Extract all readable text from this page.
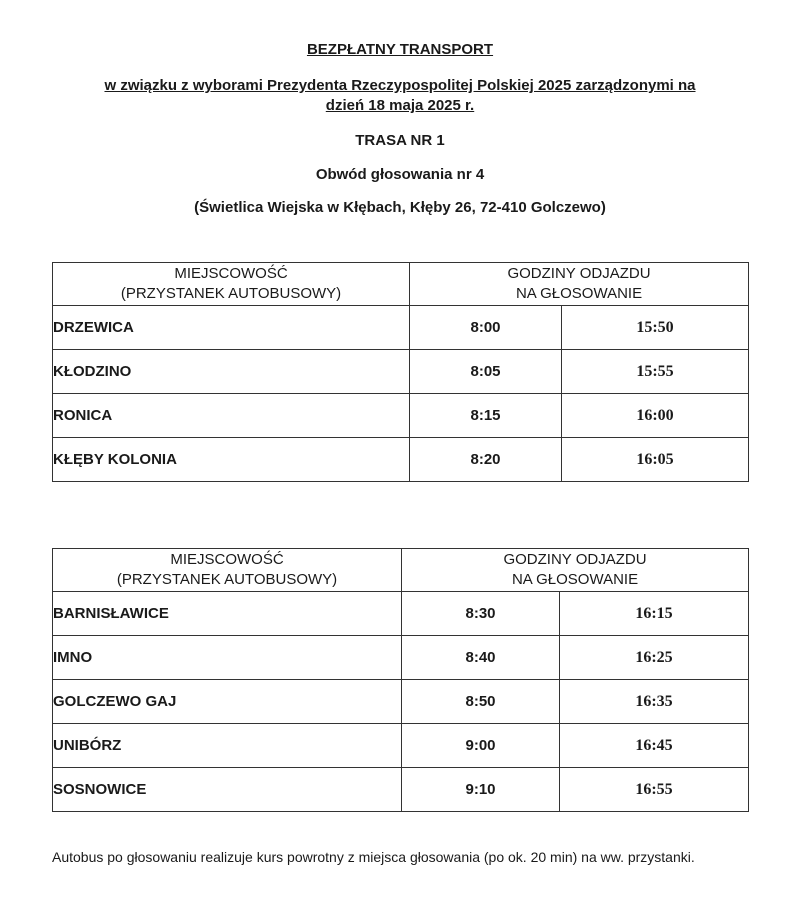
BEZPŁATNY TRANSPORT
w związku z wyborami Prezydenta Rzeczypospolitej Polskiej 2025 zarządzonymi na
dzień 18 maja 2025 r.
TRASA NR 1
Obwód głosowania nr 4
(Świetlica Wiejska w Kłębach, Kłęby 26, 72-410 Golczewo)
MIEJSCOWOŚĆ
(PRZYSTANEK AUTOBUSOWY)	GODZINY ODJAZDU
NA GŁOSOWANIE	

DRZEWICA	8:00	15:50
KŁODZINO	8:05	15:55
RONICA	8:15	16:00
KŁĘBY KOLONIA	8:20	16:05
MIEJSCOWOŚĆ
(PRZYSTANEK AUTOBUSOWY)	GODZINY ODJAZDU
NA GŁOSOWANIE	

BARNISŁAWICE	8:30	16:15
IMNO	8:40	16:25
GOLCZEWO GAJ	8:50	16:35
UNIBÓRZ	9:00	16:45
SOSNOWICE	9:10	16:55
Autobus po głosowaniu realizuje kurs powrotny z miejsca głosowania (po ok. 20 min) na ww. przystanki.
